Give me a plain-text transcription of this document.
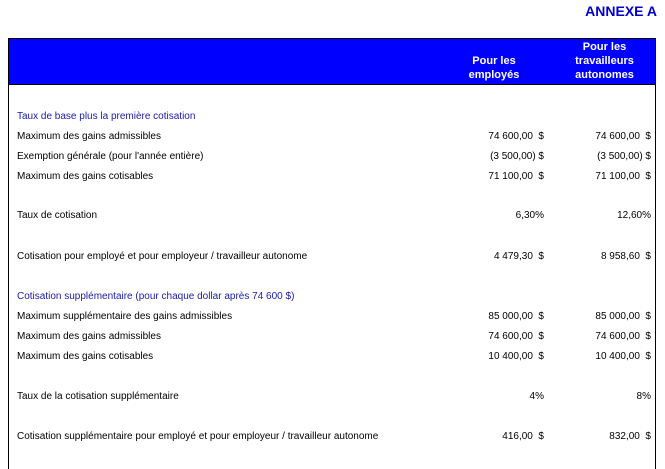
ANNEXE A
Pour les
employés
Pour les
travailleurs
autonomes
Taux de base plus la première cotisation
Maximum des gains admissibles	74 600,00  $	74 600,00  $
Exemption générale (pour l'année entière)	(3 500,00) $	(3 500,00) $
Maximum des gains cotisables	71 100,00  $	71 100,00  $
Taux de cotisation	6,30%	12,60%
Cotisation pour employé et pour employeur / travailleur autonome	4 479,30  $	8 958,60  $
Cotisation supplémentaire (pour chaque dollar après 74 600 $)
Maximum supplémentaire des gains admissibles	85 000,00  $	85 000,00  $
Maximum des gains admissibles	74 600,00  $	74 600,00  $
Maximum des gains cotisables	10 400,00  $	10 400,00  $
Taux de la cotisation supplémentaire	4%	8%
Cotisation supplémentaire pour employé et pour employeur / travailleur autonome	416,00  $	832,00  $
